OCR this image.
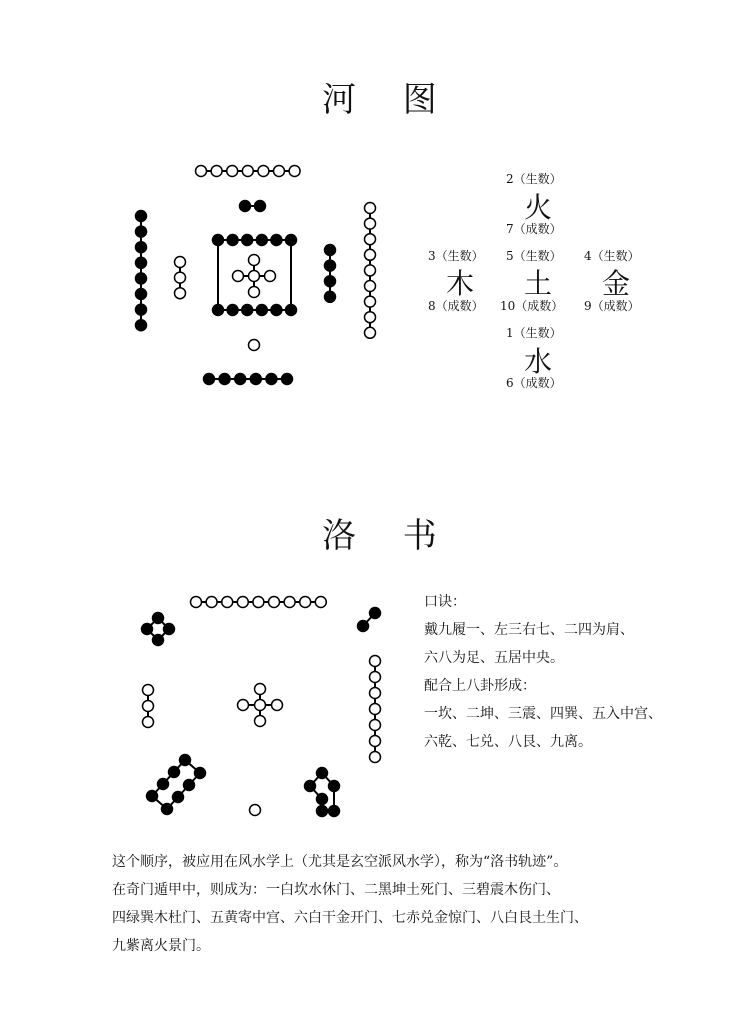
河 图
洛 书
2（生数）
火
7（成数）
3（生数） 5（生数） 4（生数）
木 土 金
8（成数） 10（成数） 9（成数）
1（生数）
水
6（成数）
口诀：
戴九履一、左三右七、二四为肩、
六八为足、五居中央。
配合上八卦形成：
一坎、二坤、三震、四巽、五入中宫、
六乾、七兑、八艮、九离。
这个顺序，被应用在风水学上（尤其是玄空派风水学），称为“洛书轨迹”。
在奇门遁甲中，则成为：一白坎水休门、二黑坤土死门、三碧震木伤门、
四绿巽木杜门、五黄寄中宫、六白干金开门、七赤兑金惊门、八白艮土生门、
九紫离火景门。
